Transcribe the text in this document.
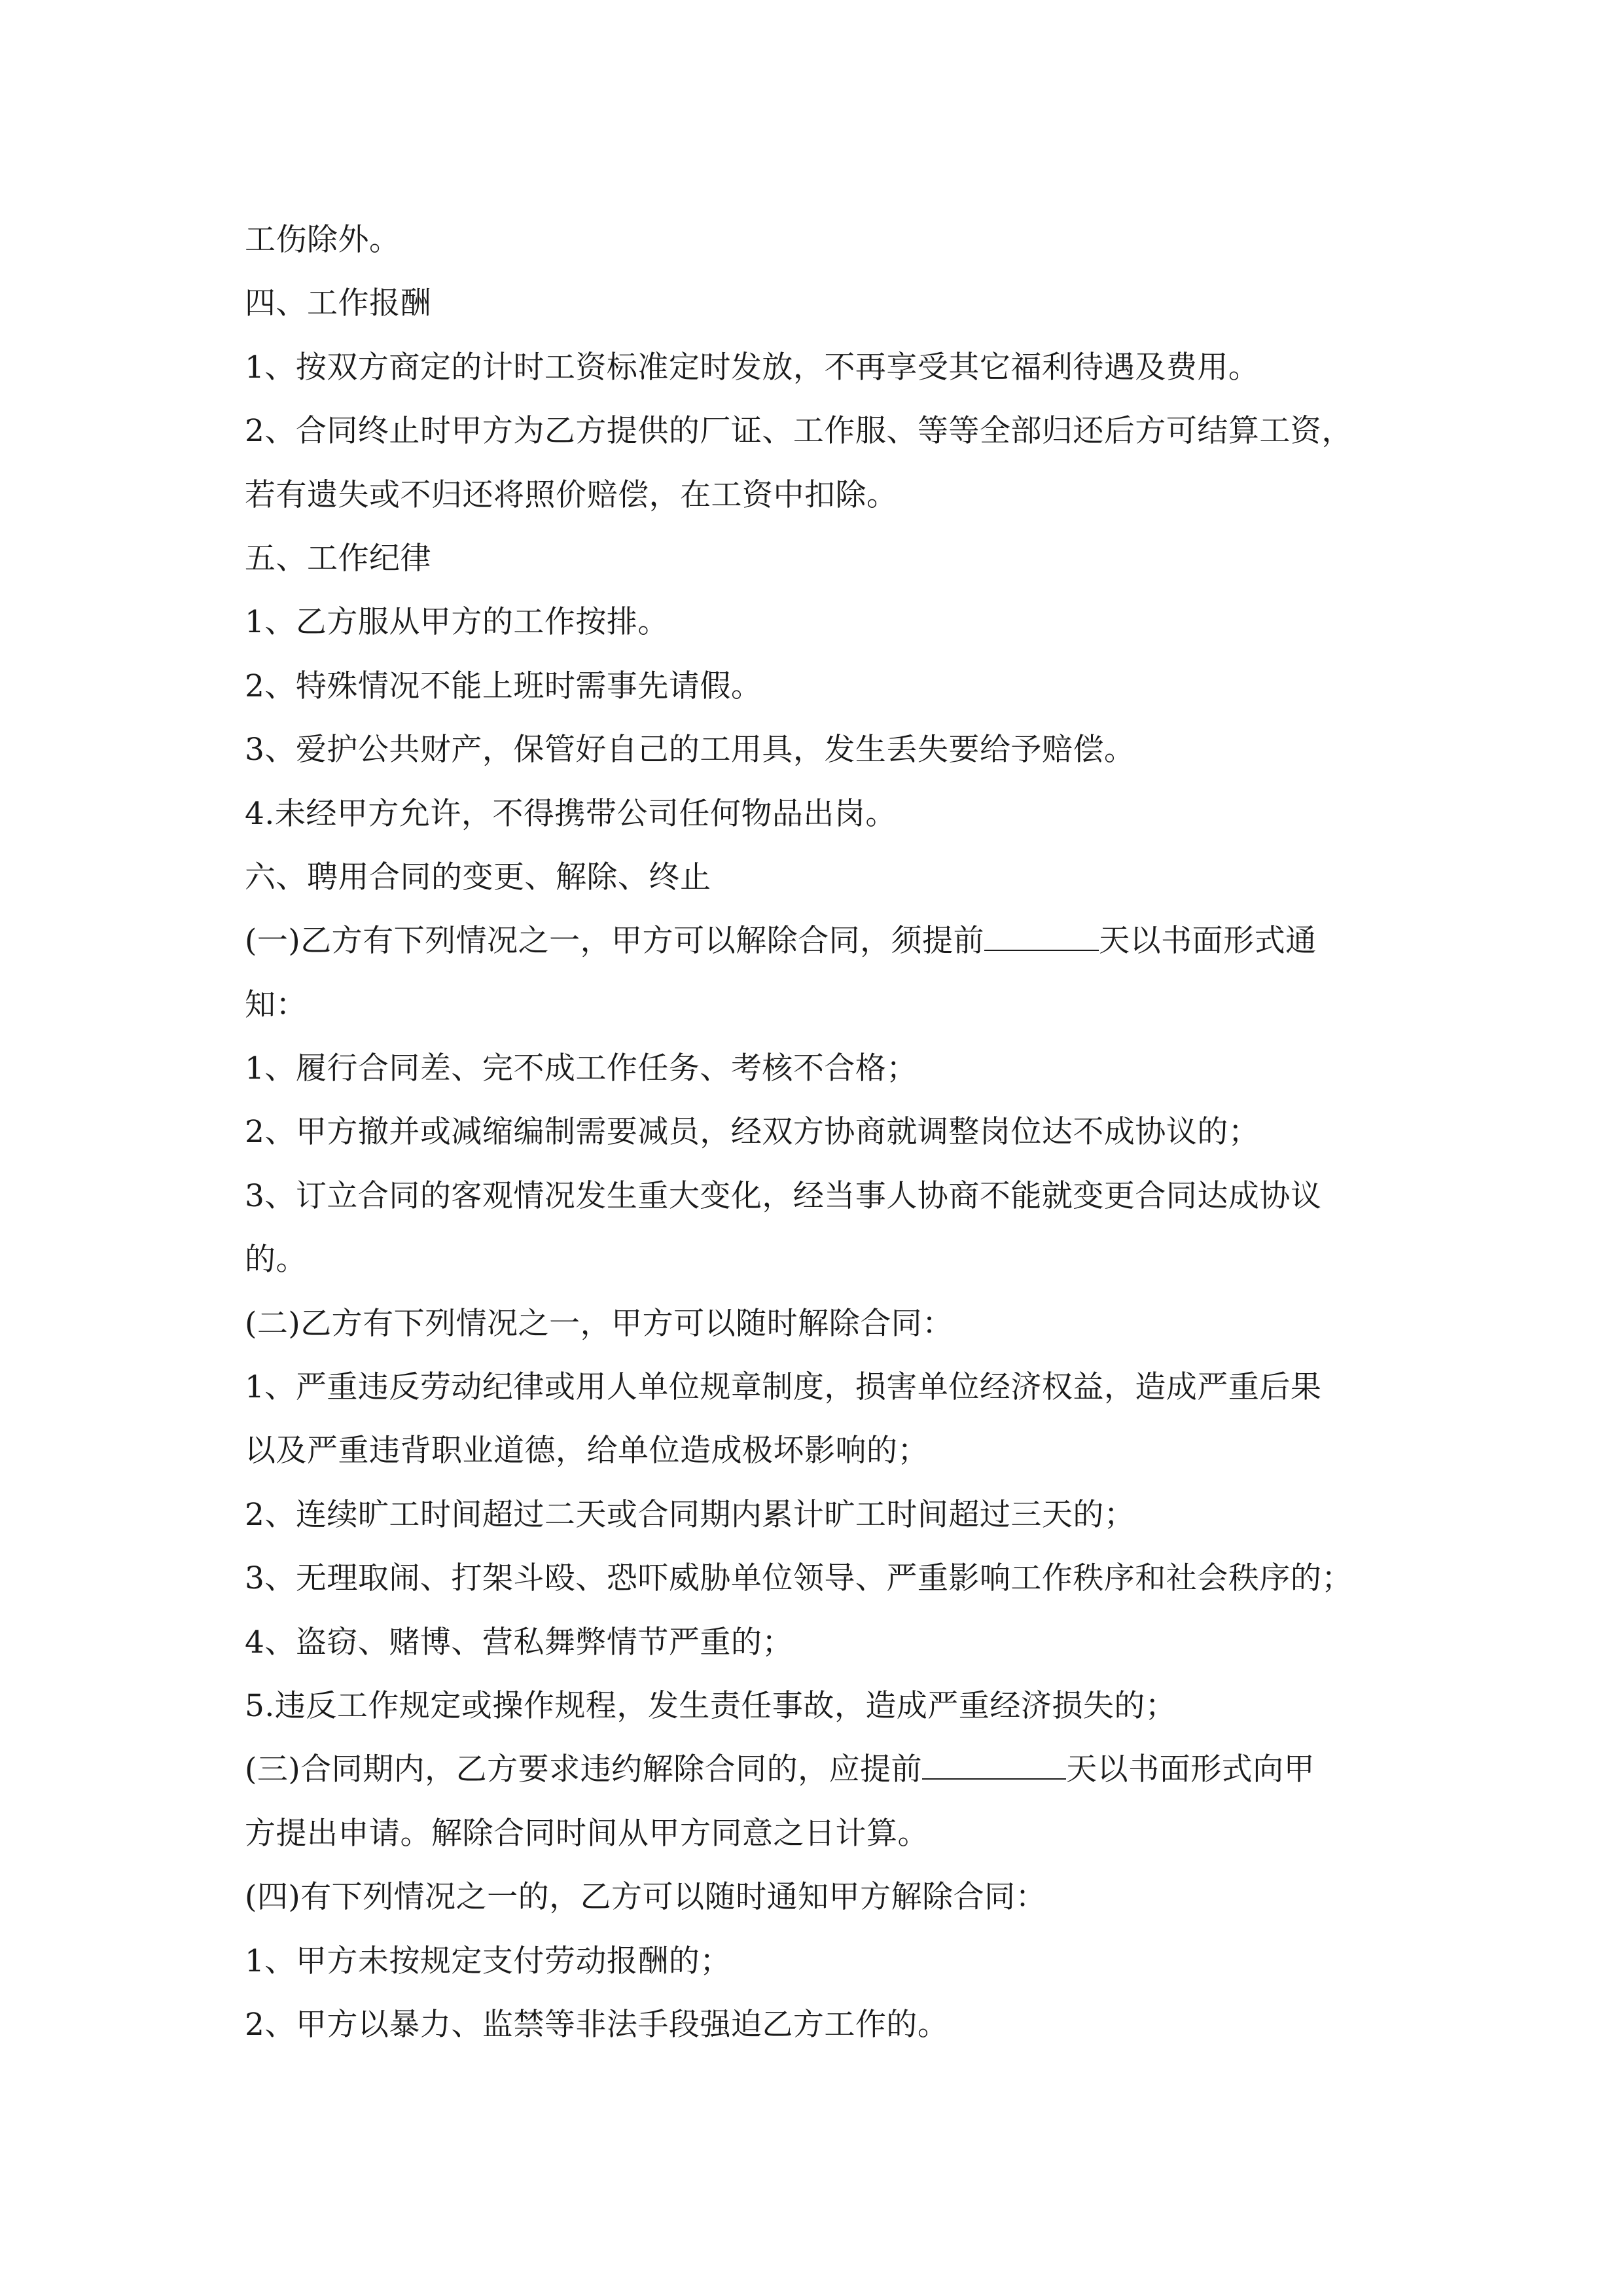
工伤除外。
四、工作报酬
1、按双方商定的计时工资标准定时发放，不再享受其它福利待遇及费用。
2、合同终止时甲方为乙方提供的厂证、工作服、等等全部归还后方可结算工资，
若有遗失或不归还将照价赔偿，在工资中扣除。
五、工作纪律
1、乙方服从甲方的工作按排。
2、特殊情况不能上班时需事先请假。
3、爱护公共财产，保管好自己的工用具，发生丢失要给予赔偿。
4.未经甲方允许，不得携带公司任何物品出岗。
六、聘用合同的变更、解除、终止
(一)乙方有下列情况之一，甲方可以解除合同，须提前	天以书面形式通
知：
1、履行合同差、完不成工作任务、考核不合格；
2、甲方撤并或减缩编制需要减员，经双方协商就调整岗位达不成协议的；
3、订立合同的客观情况发生重大变化，经当事人协商不能就变更合同达成协议
的。
(二)乙方有下列情况之一，甲方可以随时解除合同：
1、严重违反劳动纪律或用人单位规章制度，损害单位经济权益，造成严重后果
以及严重违背职业道德，给单位造成极坏影响的；
2、连续旷工时间超过二天或合同期内累计旷工时间超过三天的；
3、无理取闹、打架斗殴、恐吓威胁单位领导、严重影响工作秩序和社会秩序的；
4、盗窃、赌博、营私舞弊情节严重的；
5.违反工作规定或操作规程，发生责任事故，造成严重经济损失的；
(三)合同期内，乙方要求违约解除合同的，应提前	天以书面形式向甲
方提出申请。解除合同时间从甲方同意之日计算。
(四)有下列情况之一的，乙方可以随时通知甲方解除合同：
1、甲方未按规定支付劳动报酬的；
2、甲方以暴力、监禁等非法手段强迫乙方工作的。
